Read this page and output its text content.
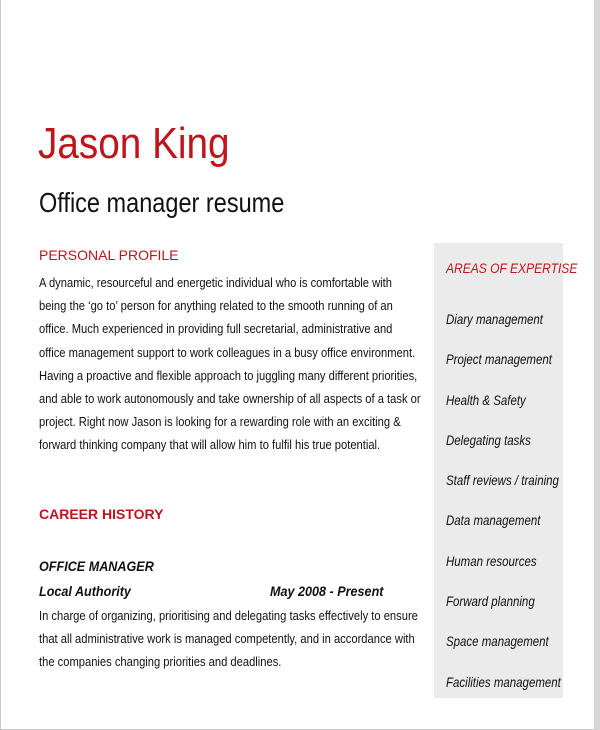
Jason King
Office manager resume
PERSONAL PROFILE
A dynamic, resourceful and energetic individual who is comfortable with
being the ‘go to’ person for anything related to the smooth running of an
office. Much experienced in providing full secretarial, administrative and
office management support to work colleagues in a busy office environment.
Having a proactive and flexible approach to juggling many different priorities,
and able to work autonomously and take ownership of all aspects of a task or
project. Right now Jason is looking for a rewarding role with an exciting &
forward thinking company that will allow him to fulfil his true potential.
CAREER HISTORY
OFFICE MANAGER
Local Authority	May 2008 - Present
In charge of organizing, prioritising and delegating tasks effectively to ensure
that all administrative work is managed competently, and in accordance with
the companies changing priorities and deadlines.
AREAS OF EXPERTISE
Diary management
Project management
Health & Safety
Delegating tasks
Staff reviews / training
Data management
Human resources
Forward planning
Space management
Facilities management
